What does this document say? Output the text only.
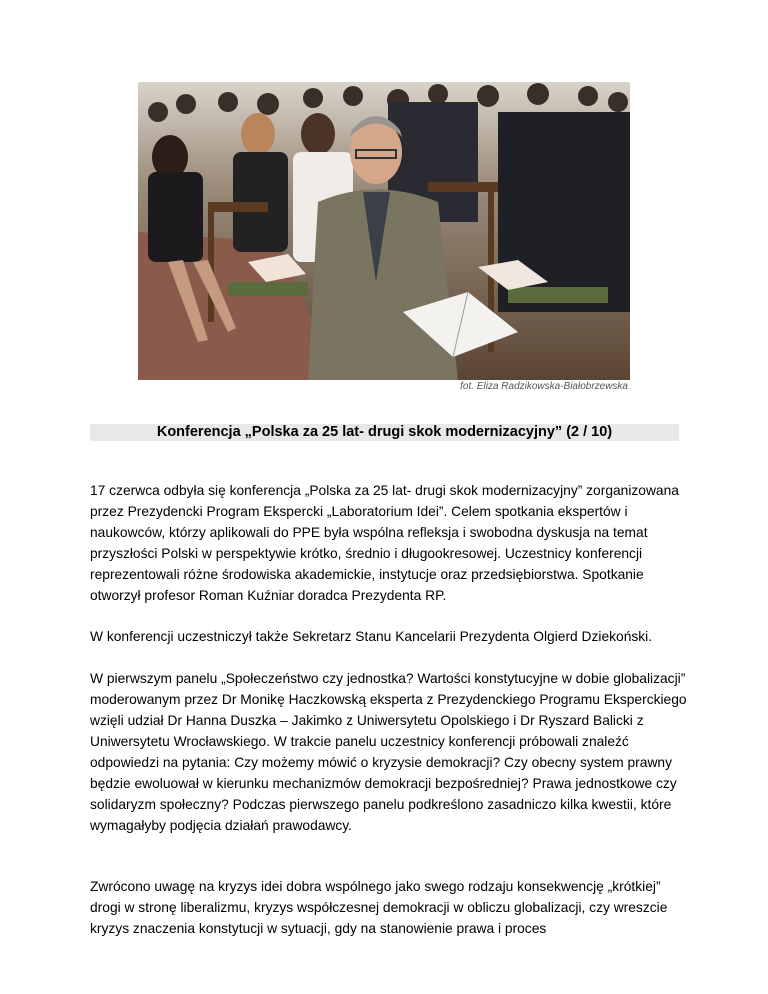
fot. Eliza Radzikowska-Białobrzewska
Konferencja „Polska za 25 lat- drugi skok modernizacyjny” (2 / 10)

17 czerwca odbyła się konferencja „Polska za 25 lat- drugi skok modernizacyjny” zorganizowana przez Prezydencki Program Ekspercki „Laboratorium Idei”. Celem spotkania ekspertów i naukowców, którzy aplikowali do PPE była wspólna refleksja i swobodna dyskusja na temat przyszłości Polski w perspektywie krótko, średnio i długookresowej. Uczestnicy konferencji reprezentowali różne środowiska akademickie, instytucje oraz przedsiębiorstwa. Spotkanie otworzył profesor Roman Kuźniar doradca Prezydenta RP.

W konferencji uczestniczył także Sekretarz Stanu Kancelarii Prezydenta Olgierd Dziekoński.

W pierwszym panelu „Społeczeństwo czy jednostka? Wartości konstytucyjne w dobie globalizacji” moderowanym przez Dr Monikę Haczkowską eksperta z Prezydenckiego Programu Eksperckiego wzięli udział Dr Hanna Duszka – Jakimko z Uniwersytetu Opolskiego i Dr Ryszard Balicki z Uniwersytetu Wrocławskiego. W trakcie panelu uczestnicy konferencji próbowali znaleźć odpowiedzi na pytania: Czy możemy mówić o kryzysie demokracji? Czy obecny system prawny będzie ewoluował w kierunku mechanizmów demokracji bezpośredniej? Prawa jednostkowe czy solidaryzm społeczny? Podczas pierwszego panelu podkreślono zasadniczo kilka kwestii, które wymagałyby podjęcia działań prawodawcy.

Zwrócono uwagę na kryzys idei dobra wspólnego jako swego rodzaju konsekwencję „krótkiej” drogi w stronę liberalizmu, kryzys współczesnej demokracji w obliczu globalizacji, czy wreszcie kryzys znaczenia konstytucji w sytuacji, gdy na stanowienie prawa i proces
